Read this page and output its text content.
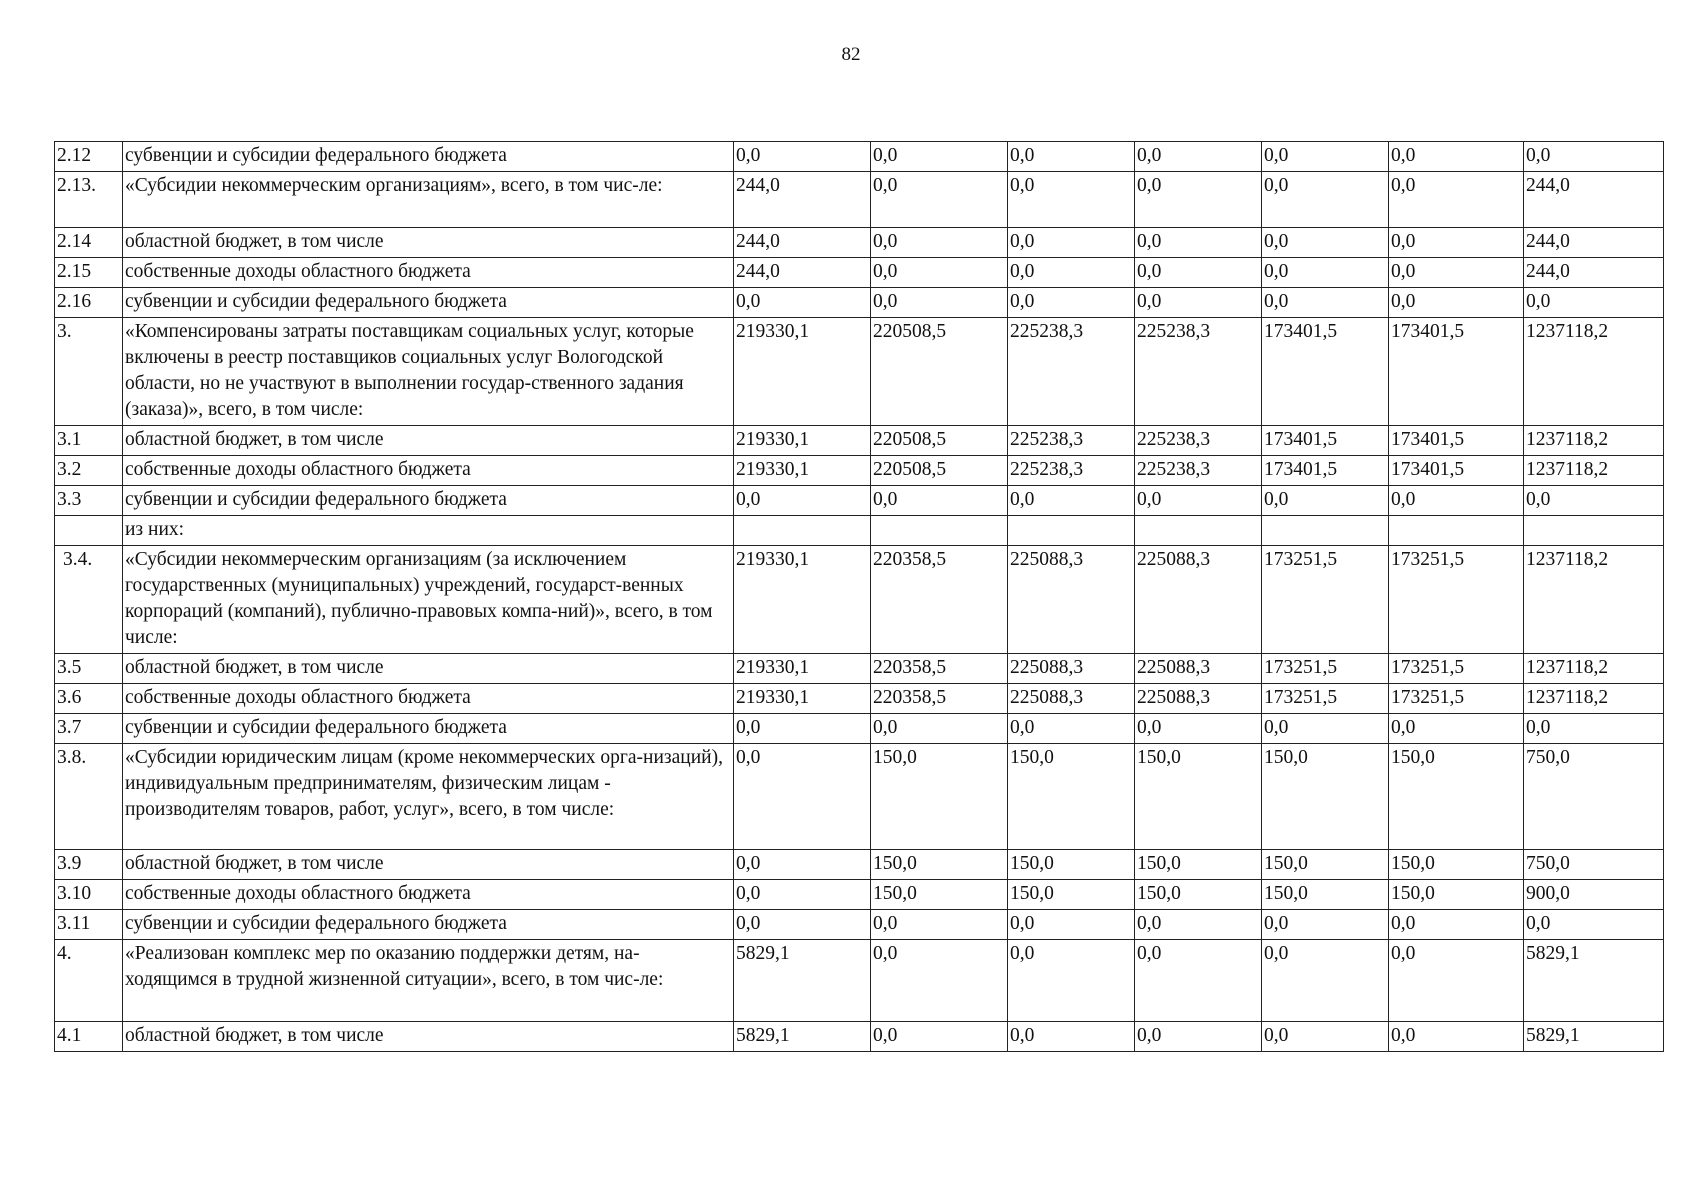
82
2.12	субвенции и субсидии федерального бюджета	0,0	0,0	0,0	0,0	0,0	0,0	0,0
2.13.	«Субсидии некоммерческим организациям», всего, в том чис-ле:	244,0	0,0	0,0	0,0	0,0	0,0	244,0
2.14	областной бюджет, в том числе	244,0	0,0	0,0	0,0	0,0	0,0	244,0
2.15	собственные доходы областного бюджета	244,0	0,0	0,0	0,0	0,0	0,0	244,0
2.16	субвенции и субсидии федерального бюджета	0,0	0,0	0,0	0,0	0,0	0,0	0,0
3.	«Компенсированы затраты поставщикам социальных услуг, которые включены в реестр поставщиков социальных услуг Вологодской области, но не участвуют в выполнении государ-ственного задания (заказа)», всего, в том числе:	219330,1	220508,5	225238,3	225238,3	173401,5	173401,5	1237118,2
3.1	областной бюджет, в том числе	219330,1	220508,5	225238,3	225238,3	173401,5	173401,5	1237118,2
3.2	собственные доходы областного бюджета	219330,1	220508,5	225238,3	225238,3	173401,5	173401,5	1237118,2
3.3	субвенции и субсидии федерального бюджета	0,0	0,0	0,0	0,0	0,0	0,0	0,0
	из них:							
3.4.	«Субсидии некоммерческим организациям (за исключением государственных (муниципальных) учреждений, государст-венных корпораций (компаний), публично-правовых компа-ний)», всего, в том числе:	219330,1	220358,5	225088,3	225088,3	173251,5	173251,5	1237118,2
3.5	областной бюджет, в том числе	219330,1	220358,5	225088,3	225088,3	173251,5	173251,5	1237118,2
3.6	собственные доходы областного бюджета	219330,1	220358,5	225088,3	225088,3	173251,5	173251,5	1237118,2
3.7	субвенции и субсидии федерального бюджета	0,0	0,0	0,0	0,0	0,0	0,0	0,0
3.8.	«Субсидии юридическим лицам (кроме некоммерческих орга-низаций), индивидуальным предпринимателям, физическим лицам - производителям товаров, работ, услуг», всего, в том числе:	0,0	150,0	150,0	150,0	150,0	150,0	750,0
3.9	областной бюджет, в том числе	0,0	150,0	150,0	150,0	150,0	150,0	750,0
3.10	собственные доходы областного бюджета	0,0	150,0	150,0	150,0	150,0	150,0	900,0
3.11	субвенции и субсидии федерального бюджета	0,0	0,0	0,0	0,0	0,0	0,0	0,0
4.	«Реализован комплекс мер по оказанию поддержки детям, на-ходящимся в трудной жизненной ситуации», всего, в том чис-ле:	5829,1	0,0	0,0	0,0	0,0	0,0	5829,1
4.1	областной бюджет, в том числе	5829,1	0,0	0,0	0,0	0,0	0,0	5829,1
